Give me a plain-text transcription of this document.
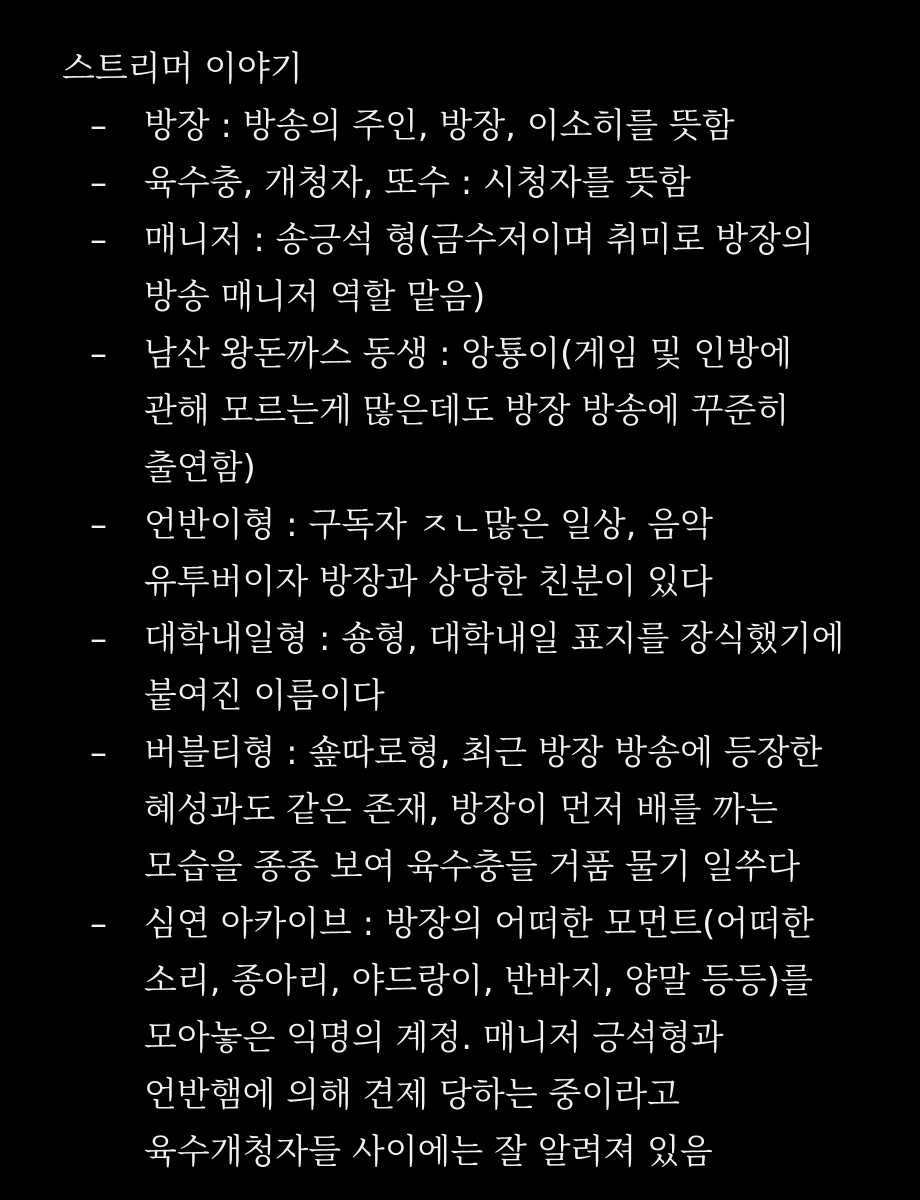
스트리머 이야기
–	방장 : 방송의 주인, 방장, 이소히를 뜻함
–	육수충, 개청자, 또수 : 시청자를 뜻함
–	매니저 : 송긍석 형(금수저이며 취미로 방장의 방송 매니저 역할 맡음)
–	남산 왕돈까스 동생 : 앙툥이(게임 및 인방에 관해 모르는게 많은데도 방장 방송에 꾸준히 출연함)
–	언반이형 : 구독자 ㅈㄴ많은 일상, 음악 유투버이자 방장과 상당한 친분이 있다
–	대학내일형 : 숑형, 대학내일 표지를 장식했기에 붙여진 이름이다
–	버블티형 : 숖따로형, 최근 방장 방송에 등장한 혜성과도 같은 존재, 방장이 먼저 배를 까는 모습을 종종 보여 육수충들 거품 물기 일쑤다
–	심연 아카이브 : 방장의 어떠한 모먼트(어떠한 소리, 종아리, 야드랑이, 반바지, 양말 등등)를 모아놓은 익명의 계정. 매니저 긍석형과 언반햄에 의해 견제 당하는 중이라고 육수개청자들 사이에는 잘 알려져 있음
